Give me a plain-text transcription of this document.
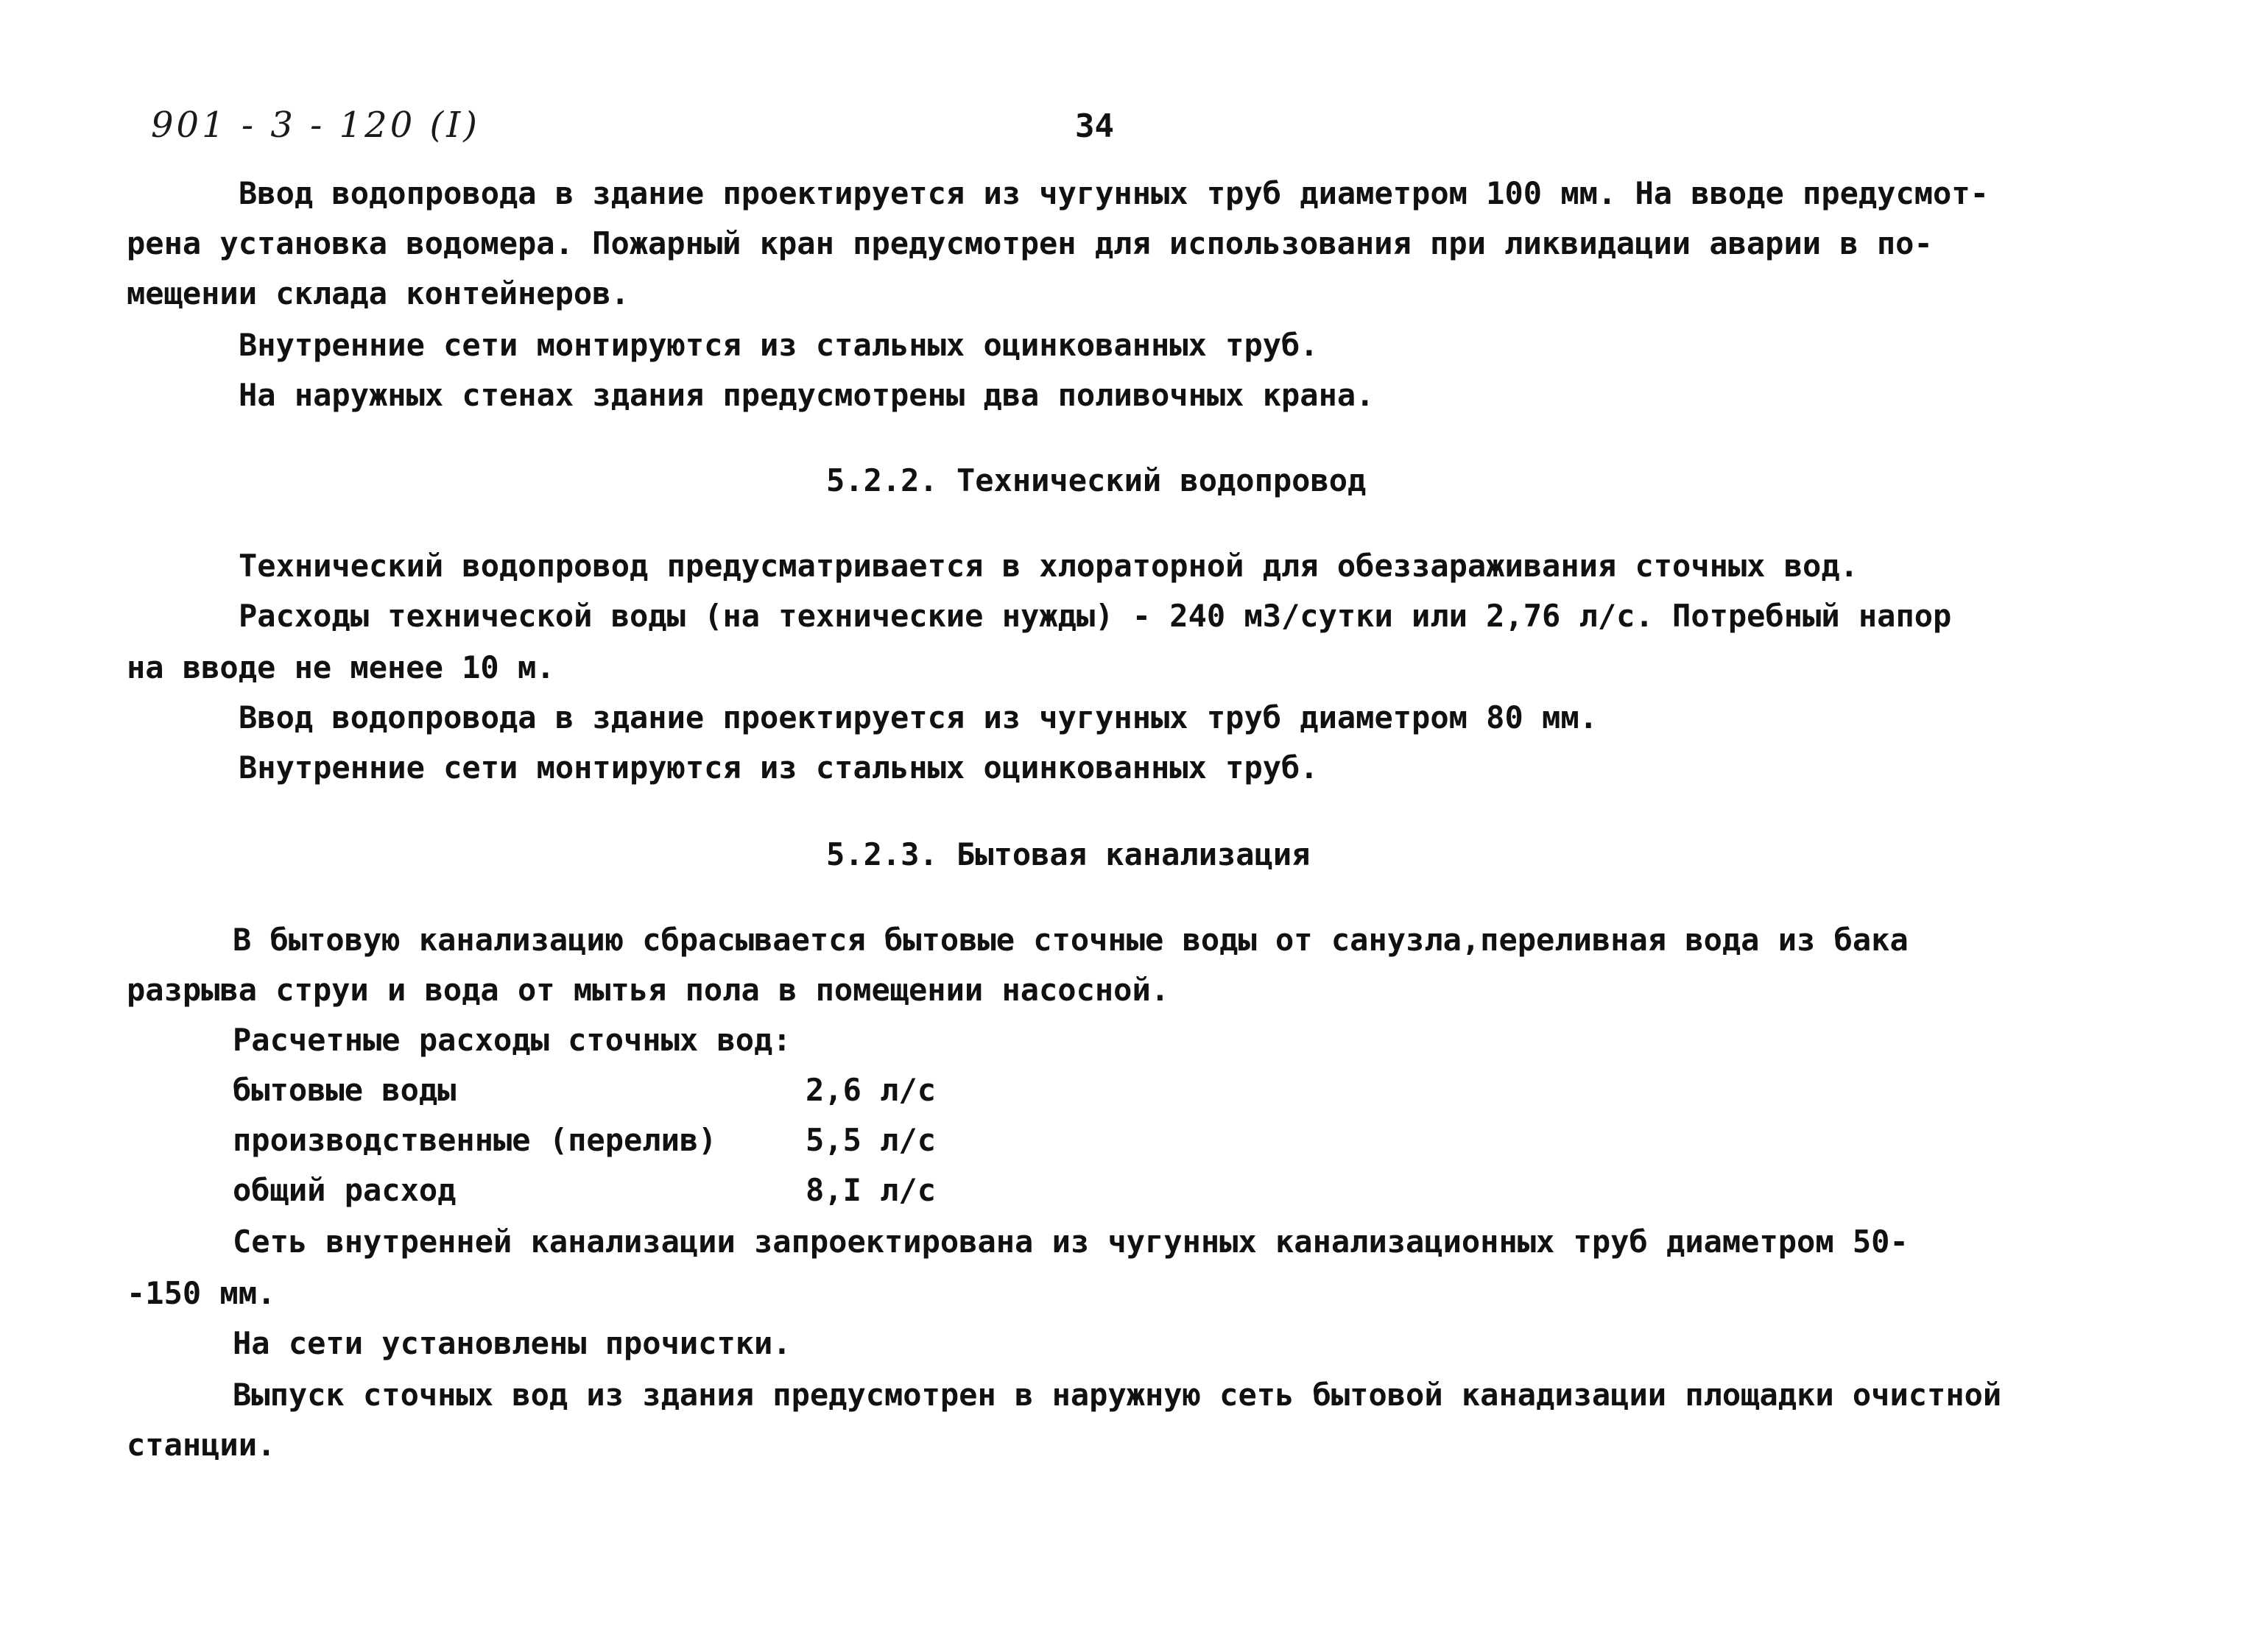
901 - 3 - 120 (I)	34
Ввод водопровода в здание проектируется из чугунных труб диаметром 100 мм. На вводе предусмот-
рена установка водомера. Пожарный кран предусмотрен для использования при ликвидации аварии в по-
мещении склада контейнеров.
Внутренние сети монтируются из стальных оцинкованных труб.
На наружных стенах здания предусмотрены два поливочных крана.
5.2.2. Технический водопровод
Технический водопровод предусматривается в хлораторной для обеззараживания сточных вод.
Расходы технической воды (на технические нужды) - 240 м3/сутки или 2,76 л/с. Потребный напор
на вводе не менее 10 м.
Ввод водопровода в здание проектируется из чугунных труб диаметром 80 мм.
Внутренние сети монтируются из стальных оцинкованных труб.
5.2.3. Бытовая канализация
В бытовую канализацию сбрасывается бытовые сточные воды от санузла,переливная вода из бака
разрыва струи и вода от мытья пола в помещении насосной.
Расчетные расходы сточных вод:
бытовые воды	2,6 л/с
производственные (перелив)	5,5 л/с
общий расход	8,I л/с
Сеть внутренней канализации запроектирована из чугунных канализационных труб диаметром 50-
-150 мм.
На сети установлены прочистки.
Выпуск сточных вод из здания предусмотрен в наружную сеть бытовой канадизации площадки очистной
станции.
